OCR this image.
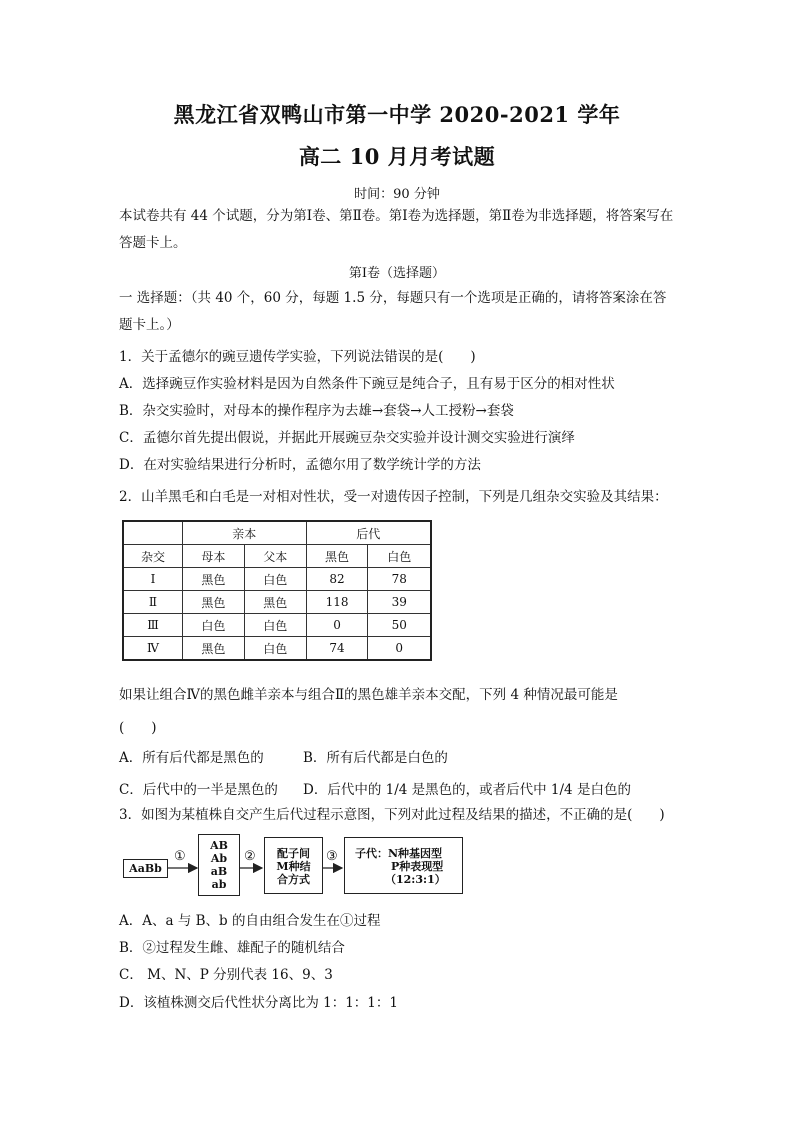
黑龙江省双鸭山市第一中学 2020-2021 学年
高二 10 月月考试题
时间：90 分钟
本试卷共有 44 个试题，分为第Ⅰ卷、第Ⅱ卷。第Ⅰ卷为选择题，第Ⅱ卷为非选择题，将答案写在答题卡上。
第Ⅰ卷（选择题）
一 选择题：（共 40 个，60 分，每题 1.5 分，每题只有一个选项是正确的，请将答案涂在答题卡上。）
1．关于孟德尔的豌豆遗传学实验，下列说法错误的是(　　)
A．选择豌豆作实验材料是因为自然条件下豌豆是纯合子，且有易于区分的相对性状
B．杂交实验时，对母本的操作程序为去雄→套袋→人工授粉→套袋
C．孟德尔首先提出假说，并据此开展豌豆杂交实验并设计测交实验进行演绎
D．在对实验结果进行分析时，孟德尔用了数学统计学的方法
2．山羊黑毛和白毛是一对相对性状，受一对遗传因子控制，下列是几组杂交实验及其结果：
	亲本		后代	
杂交	母本	父本	黑色	白色
Ⅰ	黑色	白色	82	78
Ⅱ	黑色	黑色	118	39
Ⅲ	白色	白色	0	50
Ⅳ	黑色	白色	74	0
如果让组合Ⅳ的黑色雌羊亲本与组合Ⅱ的黑色雄羊亲本交配，下列 4 种情况最可能是
(　　)
A．所有后代都是黑色的	B．所有后代都是白色的
C．后代中的一半是黑色的	D．后代中的 1/4 是黑色的，或者后代中 1/4 是白色的
3．如图为某植株自交产生后代过程示意图，下列对此过程及结果的描述，不正确的是(　　)
AaBb
①
AB
Ab
aB
ab
②	配子间
M种结
合方式
③ 子代：N种基因型
P种表现型
（12:3:1）
A．A、a 与 B、b 的自由组合发生在①过程
B．②过程发生雌、雄配子的随机结合
C． M、N、P 分别代表 16、9、3
D．该植株测交后代性状分离比为 1：1：1：1
